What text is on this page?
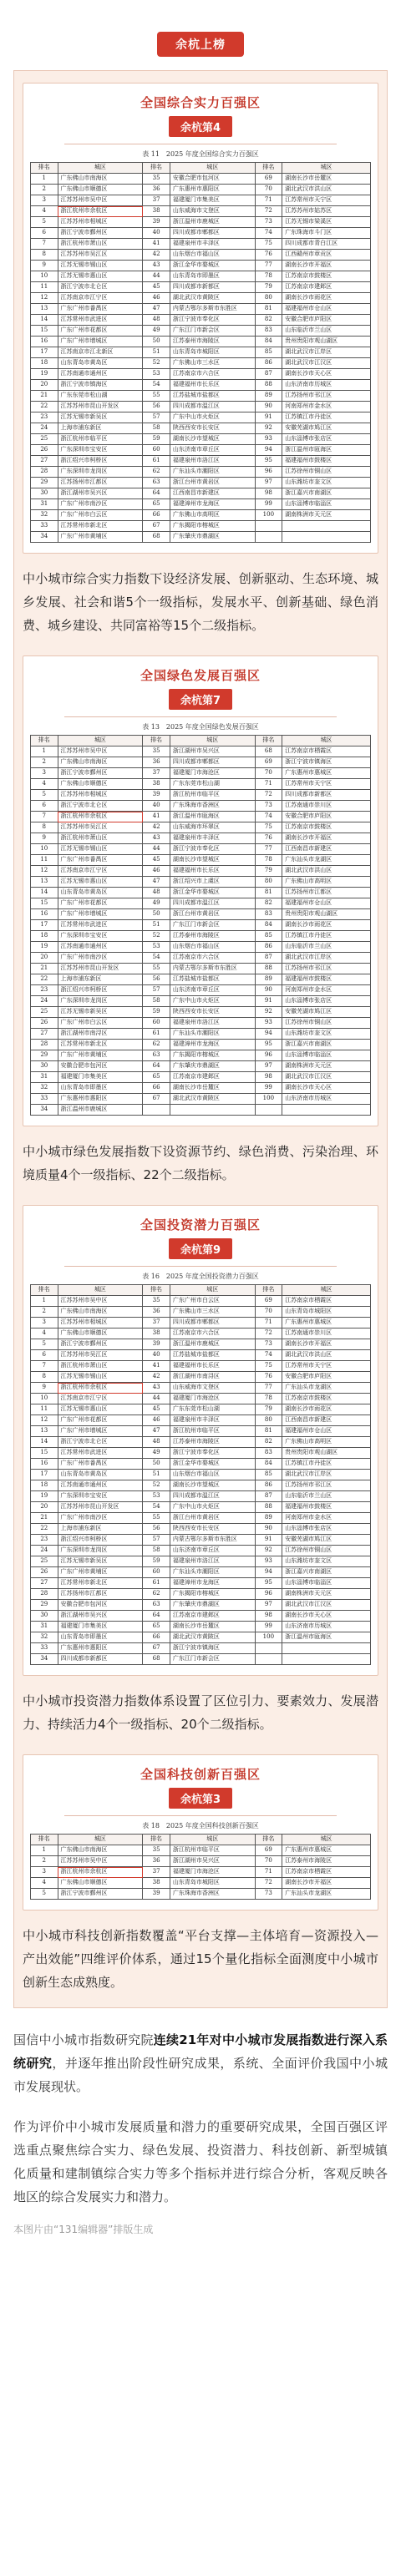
余杭上榜
全国综合实力百强区
余杭第4
表 11　2025 年度全国综合实力百强区
排名	城区	排名	城区	排名	城区
1	广东佛山市南海区	35	安徽合肥市包河区	69	湖南长沙市岳麓区
2	广东佛山市顺德区	36	广东惠州市惠阳区	70	湖北武汉市洪山区
3	江苏苏州市吴中区	37	福建厦门市集美区	71	江苏常州市天宁区
4	浙江杭州市余杭区	38	山东威海市文登区	72	江苏苏州市姑苏区
5	江苏苏州市相城区	39	浙江温州市鹿城区	73	江苏无锡市梁溪区
6	浙江宁波市鄞州区	40	四川成都市郫都区	74	广东珠海市斗门区
7	浙江杭州市萧山区	41	福建泉州市丰泽区	75	四川成都市青白江区
8	江苏苏州市吴江区	42	山东烟台市福山区	76	江西赣州市章贡区
9	江苏无锡市锡山区	43	浙江金华市婺城区	77	湖南长沙市开福区
10	江苏无锡市惠山区	44	山东青岛市即墨区	78	江苏南京市鼓楼区
11	浙江宁波市北仑区	45	四川成都市新都区	79	江苏南京市建邺区
12	江苏南京市江宁区	46	湖北武汉市黄陂区	80	湖南长沙市雨花区
13	广东广州市番禺区	47	内蒙古鄂尔多斯市东胜区	81	福建福州市仓山区
14	江苏常州市武进区	48	浙江宁波市奉化区	82	安徽合肥市庐阳区
15	广东广州市花都区	49	广东江门市新会区	83	山东临沂市兰山区
16	广东广州市增城区	50	江苏泰州市海陵区	84	贵州贵阳市观山湖区
17	江苏南京市江北新区	51	山东青岛市城阳区	85	湖北武汉市江岸区
18	山东青岛市黄岛区	52	广东佛山市三水区	86	湖北武汉市江汉区
19	江苏南通市通州区	53	江苏南京市六合区	87	湖南长沙市天心区
20	浙江宁波市镇海区	54	福建福州市长乐区	88	山东济南市历城区
21	广东东莞市松山湖	55	江苏盐城市盐都区	89	江苏扬州市邗江区
22	江苏苏州市昆山开发区	56	四川成都市温江区	90	河南郑州市金水区
23	江苏无锡市新吴区	57	广东中山市火炬区	91	江苏镇江市丹徒区
24	上海市浦东新区	58	陕西西安市长安区	92	安徽芜湖市鸠江区
25	浙江杭州市临平区	59	湖南长沙市望城区	93	山东淄博市张店区
26	广东深圳市宝安区	60	山东济南市章丘区	94	浙江温州市瓯海区
27	浙江绍兴市柯桥区	61	福建泉州市洛江区	95	福建福州市鼓楼区
28	广东深圳市龙岗区	62	广东汕头市潮阳区	96	江苏徐州市铜山区
29	江苏扬州市江都区	63	浙江台州市黄岩区	97	山东潍坊市奎文区
30	浙江湖州市吴兴区	64	江西南昌市新建区	98	浙江嘉兴市南湖区
31	广东广州市南沙区	65	福建漳州市龙海区	99	山东淄博市临淄区
32	广东广州市白云区	66	广东佛山市高明区	100	湖南株洲市天元区
33	江苏常州市新北区	67	广东揭阳市榕城区		
34	广东广州市黄埔区	68	广东肇庆市鼎湖区		
中小城市综合实力指数下设经济发展、创新驱动、生态环境、城乡发展、社会和谐5个一级指标，发展水平、创新基础、绿色消费、城乡建设、共同富裕等15个二级指标。
全国绿色发展百强区
余杭第7
表 13　2025 年度全国绿色发展百强区
排名	城区	排名	城区	排名	城区
1	江苏苏州市吴中区	35	浙江湖州市吴兴区	68	江苏南京市栖霞区
2	广东佛山市南海区	36	四川成都市郫都区	69	浙江宁波市镇海区
3	浙江宁波市鄞州区	37	福建厦门市海沧区	70	广东惠州市惠城区
4	广东佛山市顺德区	38	广东东莞市松山湖	71	江苏常州市天宁区
5	江苏苏州市相城区	39	浙江杭州市临平区	72	四川成都市新都区
6	浙江宁波市北仑区	40	广东珠海市香洲区	73	江苏南通市崇川区
7	浙江杭州市余杭区	41	浙江温州市瓯海区	74	安徽合肥市庐阳区
8	江苏苏州市吴江区	42	山东威海市环翠区	75	江苏南京市鼓楼区
9	浙江杭州市萧山区	43	福建泉州市丰泽区	76	湖南长沙市开福区
10	江苏无锡市锡山区	44	浙江宁波市奉化区	77	江西南昌市新建区
11	广东广州市番禺区	45	湖南长沙市望城区	78	广东汕头市龙湖区
12	江苏南京市江宁区	46	福建福州市长乐区	79	湖北武汉市洪山区
13	江苏无锡市惠山区	47	浙江绍兴市上虞区	80	广东佛山市高明区
14	山东青岛市黄岛区	48	浙江金华市婺城区	81	江苏扬州市江都区
15	广东广州市花都区	49	四川成都市温江区	82	福建福州市仓山区
16	广东广州市增城区	50	浙江台州市黄岩区	83	贵州贵阳市观山湖区
17	江苏常州市武进区	51	广东江门市新会区	84	湖南长沙市雨花区
18	广东深圳市宝安区	52	江苏泰州市海陵区	85	江苏镇江市丹徒区
19	江苏南通市通州区	53	山东烟台市福山区	86	山东临沂市兰山区
20	广东广州市南沙区	54	江苏南京市六合区	87	湖北武汉市江岸区
21	江苏苏州市昆山开发区	55	内蒙古鄂尔多斯市东胜区	88	江苏扬州市邗江区
22	上海市浦东新区	56	江苏盐城市盐都区	89	福建福州市鼓楼区
23	浙江绍兴市柯桥区	57	山东济南市章丘区	90	河南郑州市金水区
24	广东深圳市龙岗区	58	广东中山市火炬区	91	山东淄博市张店区
25	江苏无锡市新吴区	59	陕西西安市长安区	92	安徽芜湖市鸠江区
26	广东广州市白云区	60	福建泉州市洛江区	93	江苏徐州市铜山区
27	浙江湖州市南浔区	61	广东汕头市潮阳区	94	山东潍坊市奎文区
28	江苏常州市新北区	62	福建漳州市龙海区	95	浙江嘉兴市南湖区
29	广东广州市黄埔区	63	广东揭阳市榕城区	96	山东淄博市临淄区
30	安徽合肥市包河区	64	广东肇庆市鼎湖区	97	湖南株洲市天元区
31	福建厦门市集美区	65	江苏南京市建邺区	98	湖北武汉市江汉区
32	山东青岛市即墨区	66	湖南长沙市岳麓区	99	湖南长沙市天心区
33	广东惠州市惠阳区	67	湖北武汉市黄陂区	100	山东济南市历城区
34	浙江温州市鹿城区				
中小城市绿色发展指数下设资源节约、绿色消费、污染治理、环境质量4个一级指标、22个二级指标。
全国投资潜力百强区
余杭第9
表 16　2025 年度全国投资潜力百强区
排名	城区	排名	城区	排名	城区
1	江苏苏州市吴中区	35	广东广州市白云区	69	江苏南京市栖霞区
2	广东佛山市南海区	36	广东佛山市三水区	70	山东青岛市城阳区
3	江苏苏州市相城区	37	四川成都市郫都区	71	广东惠州市惠城区
4	广东佛山市顺德区	38	江苏南京市六合区	72	江苏南通市崇川区
5	浙江宁波市鄞州区	39	浙江温州市鹿城区	73	湖南长沙市开福区
6	江苏苏州市吴江区	40	江苏盐城市盐都区	74	湖北武汉市洪山区
7	浙江杭州市萧山区	41	福建福州市长乐区	75	江苏常州市天宁区
8	江苏无锡市锡山区	42	浙江湖州市南浔区	76	安徽合肥市庐阳区
9	浙江杭州市余杭区	43	山东威海市文登区	77	广东汕头市龙湖区
10	江苏南京市江宁区	44	福建厦门市海沧区	78	江苏南京市鼓楼区
11	江苏无锡市惠山区	45	广东东莞市松山湖	79	湖南长沙市雨花区
12	广东广州市花都区	46	福建泉州市丰泽区	80	江西南昌市新建区
13	广东广州市增城区	47	浙江杭州市临平区	81	福建福州市仓山区
14	浙江宁波市北仑区	48	江苏泰州市海陵区	82	广东佛山市高明区
15	江苏常州市武进区	49	浙江宁波市奉化区	83	贵州贵阳市观山湖区
16	广东广州市番禺区	50	浙江金华市婺城区	84	江苏镇江市丹徒区
17	山东青岛市黄岛区	51	山东烟台市福山区	85	湖北武汉市江岸区
18	江苏南通市通州区	52	湖南长沙市望城区	86	江苏扬州市邗江区
19	广东深圳市宝安区	53	四川成都市温江区	87	山东临沂市兰山区
20	江苏苏州市昆山开发区	54	广东中山市火炬区	88	福建福州市鼓楼区
21	广东广州市南沙区	55	浙江台州市黄岩区	89	河南郑州市金水区
22	上海市浦东新区	56	陕西西安市长安区	90	山东淄博市张店区
23	浙江绍兴市柯桥区	57	内蒙古鄂尔多斯市东胜区	91	安徽芜湖市鸠江区
24	广东深圳市龙岗区	58	山东济南市章丘区	92	江苏徐州市铜山区
25	江苏无锡市新吴区	59	福建泉州市洛江区	93	山东潍坊市奎文区
26	广东广州市黄埔区	60	广东汕头市潮阳区	94	浙江嘉兴市南湖区
27	江苏常州市新北区	61	福建漳州市龙海区	95	山东淄博市临淄区
28	江苏扬州市江都区	62	广东揭阳市榕城区	96	湖南株洲市天元区
29	安徽合肥市包河区	63	广东肇庆市鼎湖区	97	湖北武汉市江汉区
30	浙江湖州市吴兴区	64	江苏南京市建邺区	98	湖南长沙市天心区
31	福建厦门市集美区	65	湖南长沙市岳麓区	99	山东济南市历城区
32	山东青岛市即墨区	66	湖北武汉市黄陂区	100	浙江温州市瓯海区
33	广东惠州市惠阳区	67	浙江宁波市镇海区		
34	四川成都市新都区	68	广东江门市新会区		
中小城市投资潜力指数体系设置了区位引力、要素效力、发展潜力、持续活力4个一级指标、20个二级指标。
全国科技创新百强区
余杭第3
表 18　2025 年度全国科技创新百强区
排名	城区	排名	城区	排名	城区
1	广东佛山市南海区	35	浙江杭州市临平区	69	广东惠州市惠城区
2	江苏苏州市吴中区	36	浙江湖州市吴兴区	70	江苏泰州市海陵区
3	浙江杭州市余杭区	37	福建厦门市海沧区	71	江苏南京市栖霞区
4	广东佛山市顺德区	38	山东青岛市城阳区	72	湖南长沙市开福区
5	浙江宁波市鄞州区	39	广东珠海市香洲区	73	广东汕头市龙湖区
中小城市科技创新指数覆盖“平台支撑—主体培育—资源投入—产出效能”四维评价体系，通过15个量化指标全面测度中小城市创新生态成熟度。
国信中小城市指数研究院连续21年对中小城市发展指数进行深入系统研究，并逐年推出阶段性研究成果，系统、全面评价我国中小城市发展现状。
作为评价中小城市发展质量和潜力的重要研究成果，全国百强区评选重点聚焦综合实力、绿色发展、投资潜力、科技创新、新型城镇化质量和建制镇综合实力等多个指标并进行综合分析，客观反映各地区的综合发展实力和潜力。
本图片由“131编辑器”排版生成
